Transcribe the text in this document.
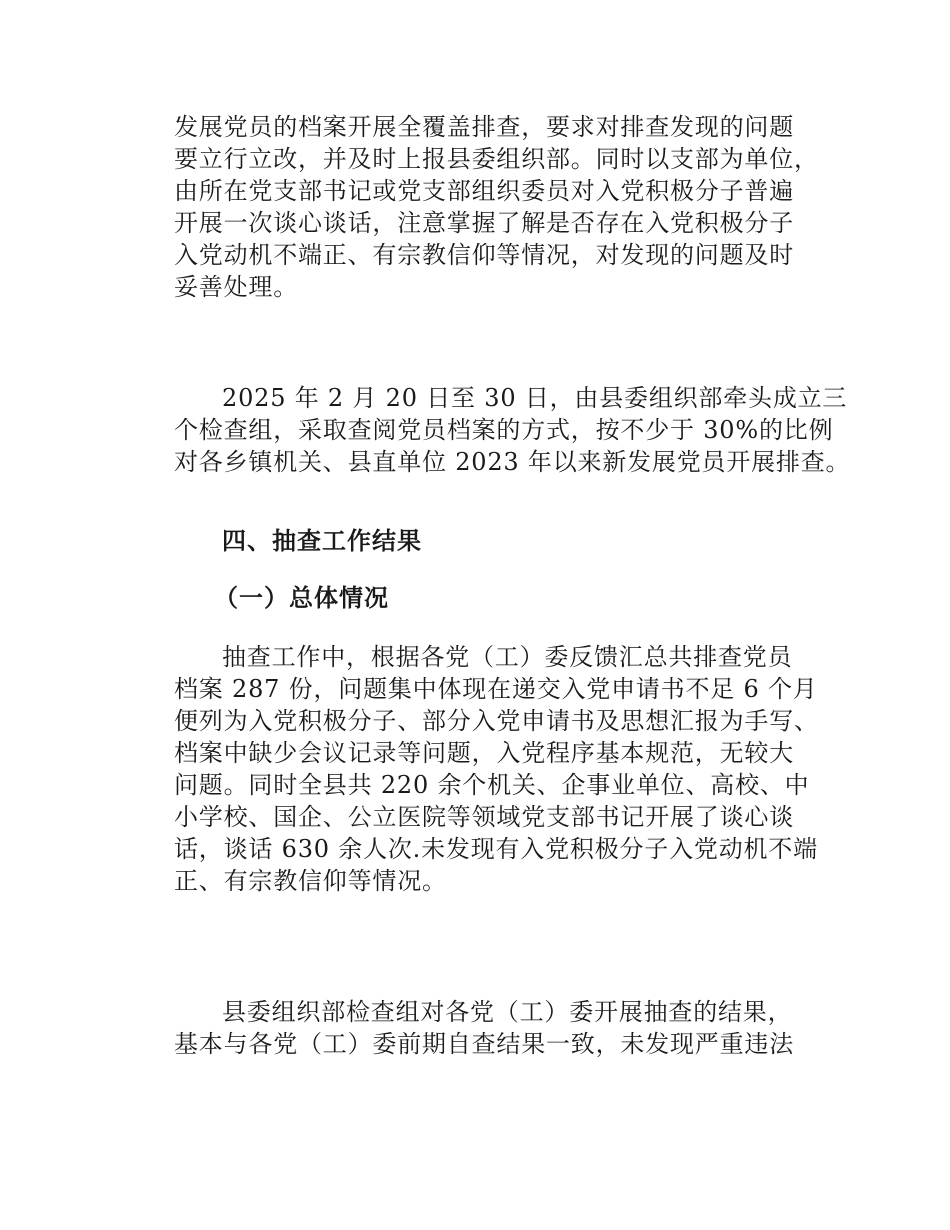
发展党员的档案开展全覆盖排查，要求对排查发现的问题
要立行立改，并及时上报县委组织部。同时以支部为单位，
由所在党支部书记或党支部组织委员对入党积极分子普遍
开展一次谈心谈话，注意掌握了解是否存在入党积极分子
入党动机不端正、有宗教信仰等情况，对发现的问题及时
妥善处理。
2025 年 2 月 20 日至 30 日，由县委组织部牵头成立三
个检查组，采取查阅党员档案的方式，按不少于 30%的比例
对各乡镇机关、县直单位 2023 年以来新发展党员开展排查。
四、抽查工作结果
（一）总体情况
抽查工作中，根据各党（工）委反馈汇总共排查党员
档案 287 份，问题集中体现在递交入党申请书不足 6 个月
便列为入党积极分子、部分入党申请书及思想汇报为手写、
档案中缺少会议记录等问题，入党程序基本规范，无较大
问题。同时全县共 220 余个机关、企事业单位、高校、中
小学校、国企、公立医院等领域党支部书记开展了谈心谈
话，谈话 630 余人次.未发现有入党积极分子入党动机不端
正、有宗教信仰等情况。
县委组织部检查组对各党（工）委开展抽查的结果，
基本与各党（工）委前期自查结果一致，未发现严重违法
